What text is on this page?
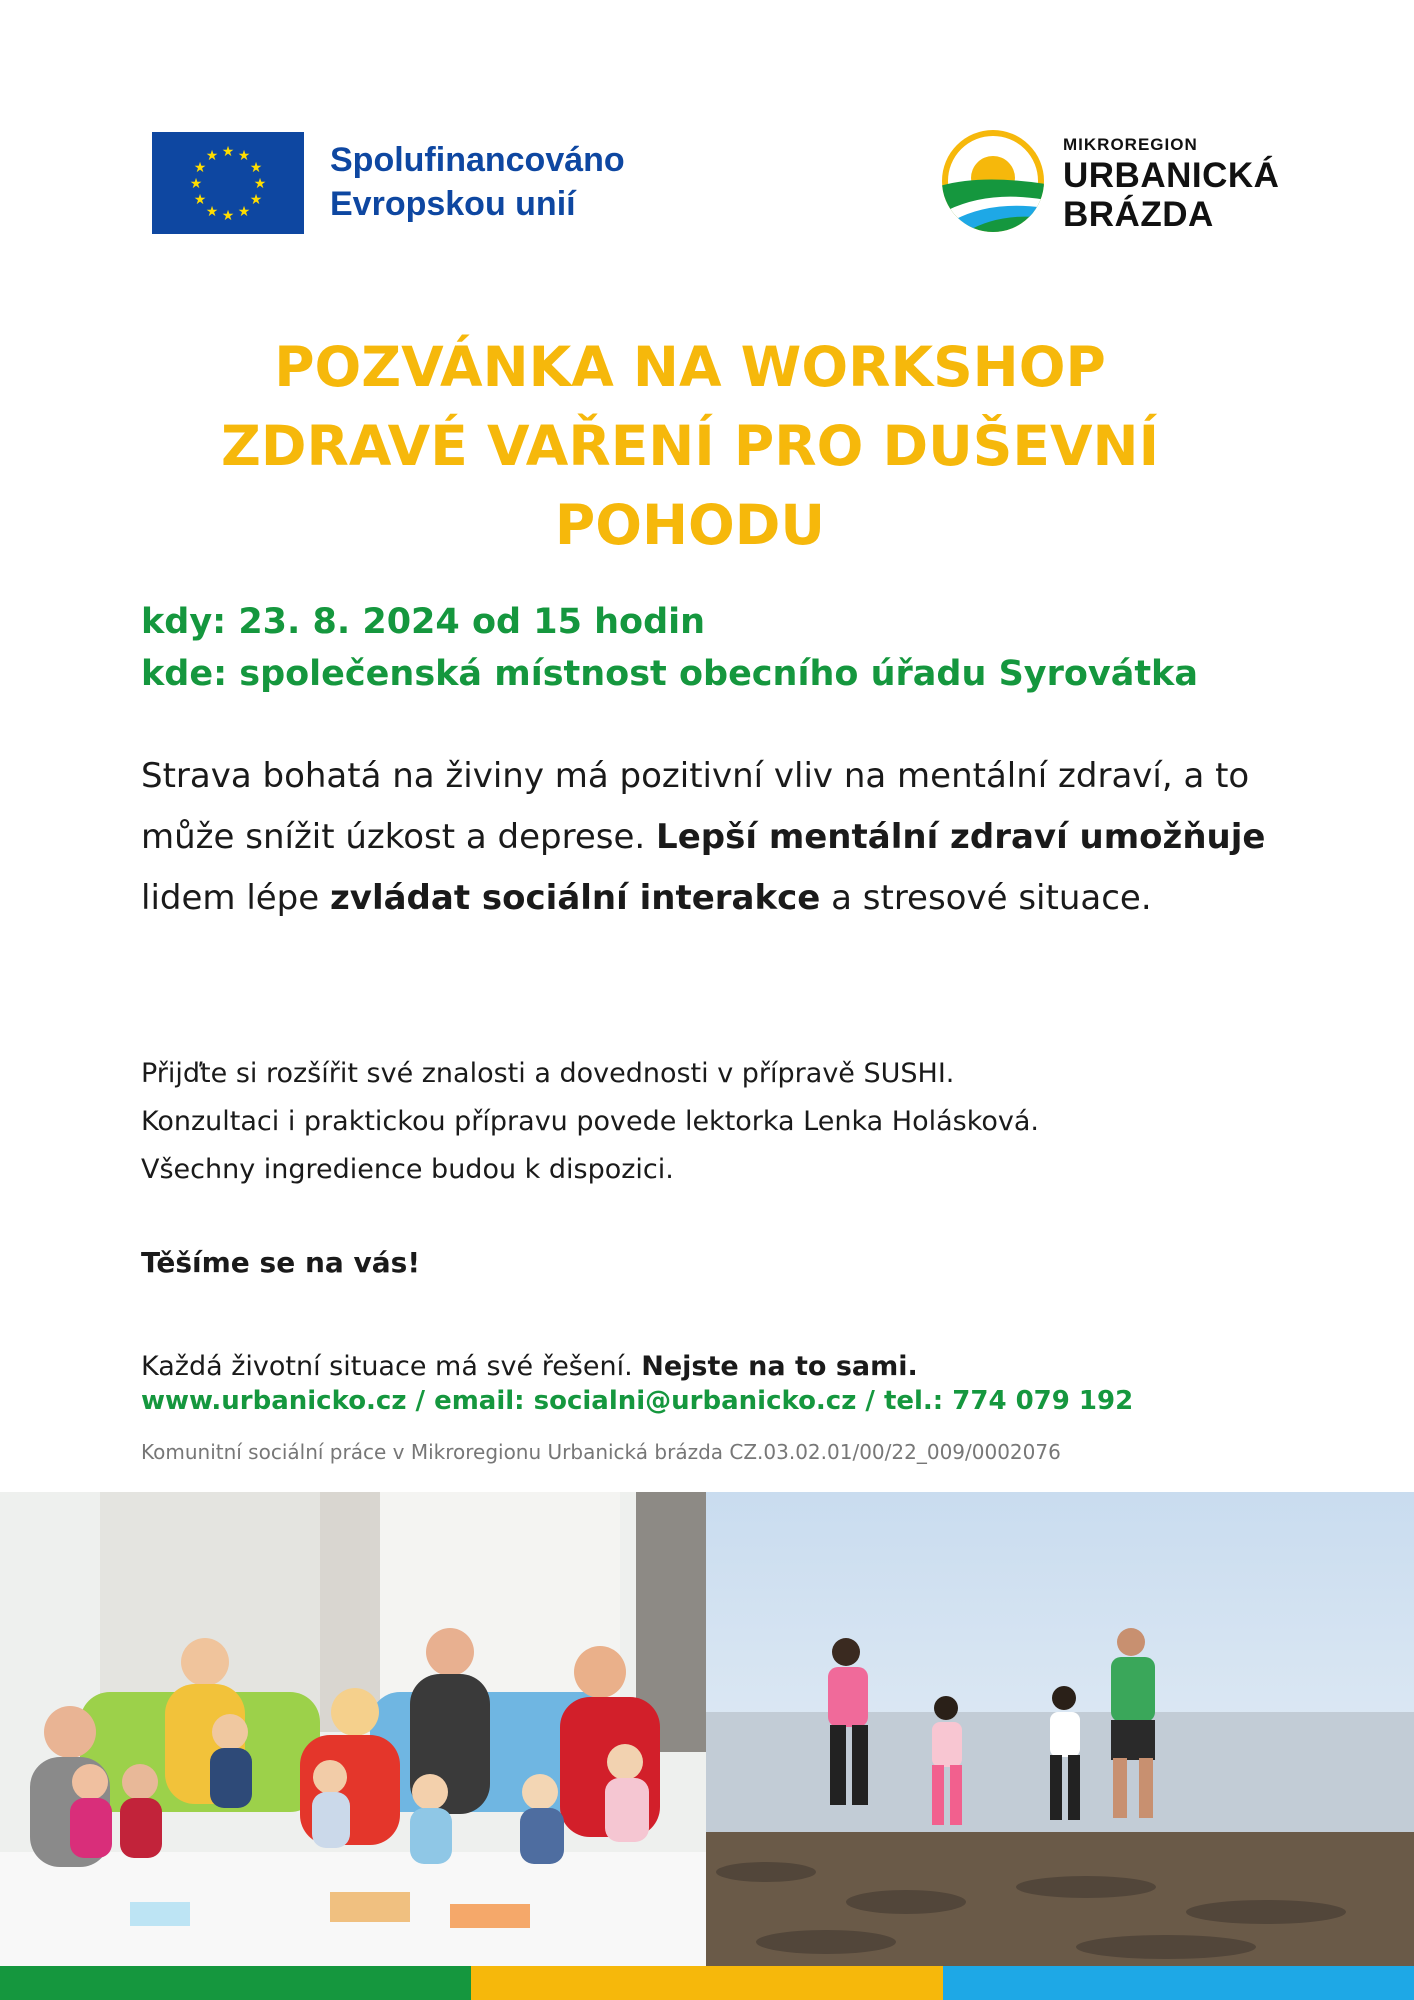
★ ★
★
★
★
★
★
★
★
★
★
★	Spolufinancováno
Evropskou unií
MIKROREGION
URBANICKÁ
BRÁZDA
POZVÁNKA NA WORKSHOP
ZDRAVÉ VAŘENÍ PRO DUŠEVNÍ
POHODU
kdy: 23. 8. 2024 od 15 hodin
kde: společenská místnost obecního úřadu Syrovátka
Strava bohatá na živiny má pozitivní vliv na mentální zdraví, a to může snížit úzkost a deprese. Lepší mentální zdraví umožňuje lidem lépe zvládat sociální interakce a stresové situace.
Přijďte si rozšířit své znalosti a dovednosti v přípravě SUSHI.
Konzultaci i praktickou přípravu povede lektorka Lenka Holásková.
Všechny ingredience budou k dispozici.
Těšíme se na vás!
Každá životní situace má své řešení. Nejste na to sami.
www.urbanicko.cz / email: socialni@urbanicko.cz / tel.: 774 079 192
Komunitní sociální práce v Mikroregionu Urbanická brázda CZ.03.02.01/00/22_009/0002076
